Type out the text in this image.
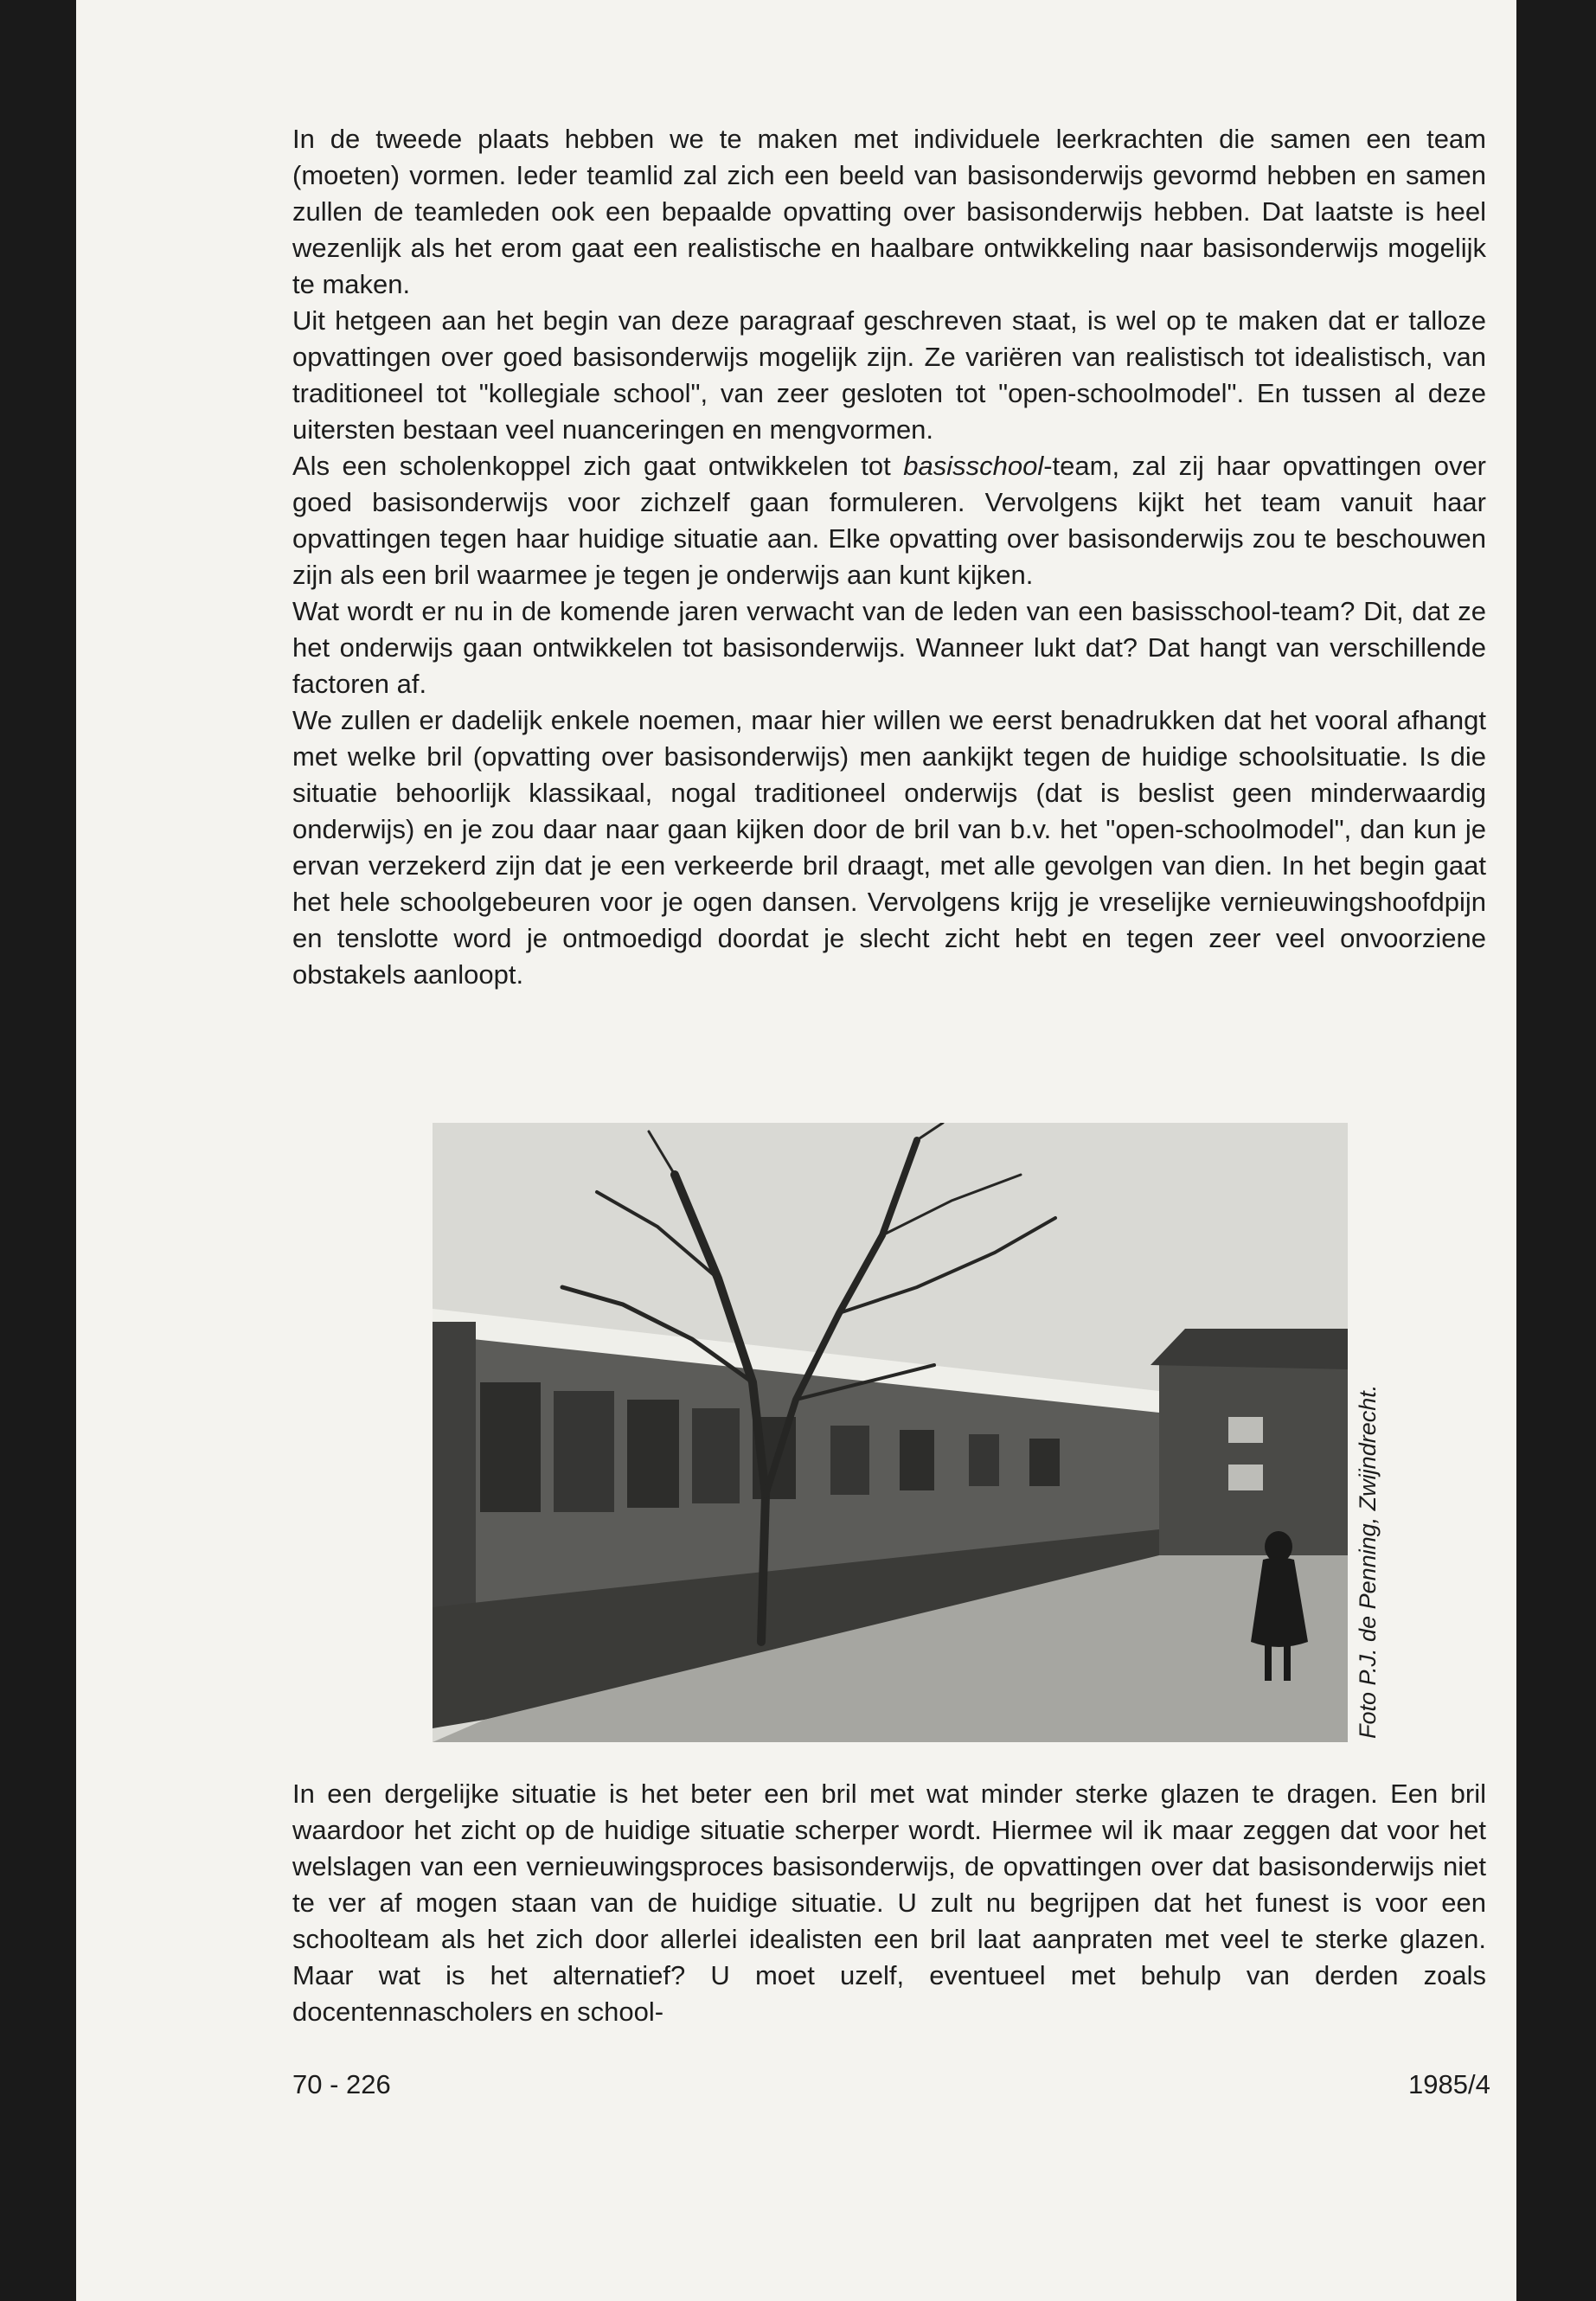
In de tweede plaats hebben we te maken met individuele leerkrachten die samen een team (moeten) vormen. Ieder teamlid zal zich een beeld van basisonderwijs gevormd hebben en samen zullen de teamleden ook een bepaalde opvatting over basisonderwijs hebben. Dat laatste is heel wezenlijk als het erom gaat een realistische en haalbare ontwikkeling naar basisonderwijs mogelijk te maken.

Uit hetgeen aan het begin van deze paragraaf geschreven staat, is wel op te maken dat er talloze opvattingen over goed basisonderwijs mogelijk zijn. Ze variëren van realistisch tot idealistisch, van traditioneel tot "kollegiale school", van zeer gesloten tot "open-schoolmodel". En tussen al deze uitersten bestaan veel nuanceringen en mengvormen.

Als een scholenkoppel zich gaat ontwikkelen tot basisschool-team, zal zij haar opvattingen over goed basisonderwijs voor zichzelf gaan formuleren. Vervolgens kijkt het team vanuit haar opvattingen tegen haar huidige situatie aan. Elke opvatting over basisonderwijs zou te beschouwen zijn als een bril waarmee je tegen je onderwijs aan kunt kijken.

Wat wordt er nu in de komende jaren verwacht van de leden van een basisschool-team? Dit, dat ze het onderwijs gaan ontwikkelen tot basisonderwijs. Wanneer lukt dat? Dat hangt van verschillende factoren af.

We zullen er dadelijk enkele noemen, maar hier willen we eerst benadrukken dat het vooral afhangt met welke bril (opvatting over basisonderwijs) men aankijkt tegen de huidige schoolsituatie. Is die situatie behoorlijk klassikaal, nogal traditioneel onderwijs (dat is beslist geen minderwaardig onderwijs) en je zou daar naar gaan kijken door de bril van b.v. het "open-schoolmodel", dan kun je ervan verzekerd zijn dat je een verkeerde bril draagt, met alle gevolgen van dien. In het begin gaat het hele schoolgebeuren voor je ogen dansen. Vervolgens krijg je vreselijke vernieuwingshoofdpijn en tenslotte word je ontmoedigd doordat je slecht zicht hebt en tegen zeer veel onvoorziene obstakels aanloopt.

Foto P.J. de Penning, Zwijndrecht.

In een dergelijke situatie is het beter een bril met wat minder sterke glazen te dragen. Een bril waardoor het zicht op de huidige situatie scherper wordt. Hiermee wil ik maar zeggen dat voor het welslagen van een vernieuwingsproces basisonderwijs, de opvattingen over dat basisonderwijs niet te ver af mogen staan van de huidige situatie. U zult nu begrijpen dat het funest is voor een schoolteam als het zich door allerlei idealisten een bril laat aanpraten met veel te sterke glazen. Maar wat is het alternatief? U moet uzelf, eventueel met behulp van derden zoals docentennascholers en school-

70 - 226	1985/4
